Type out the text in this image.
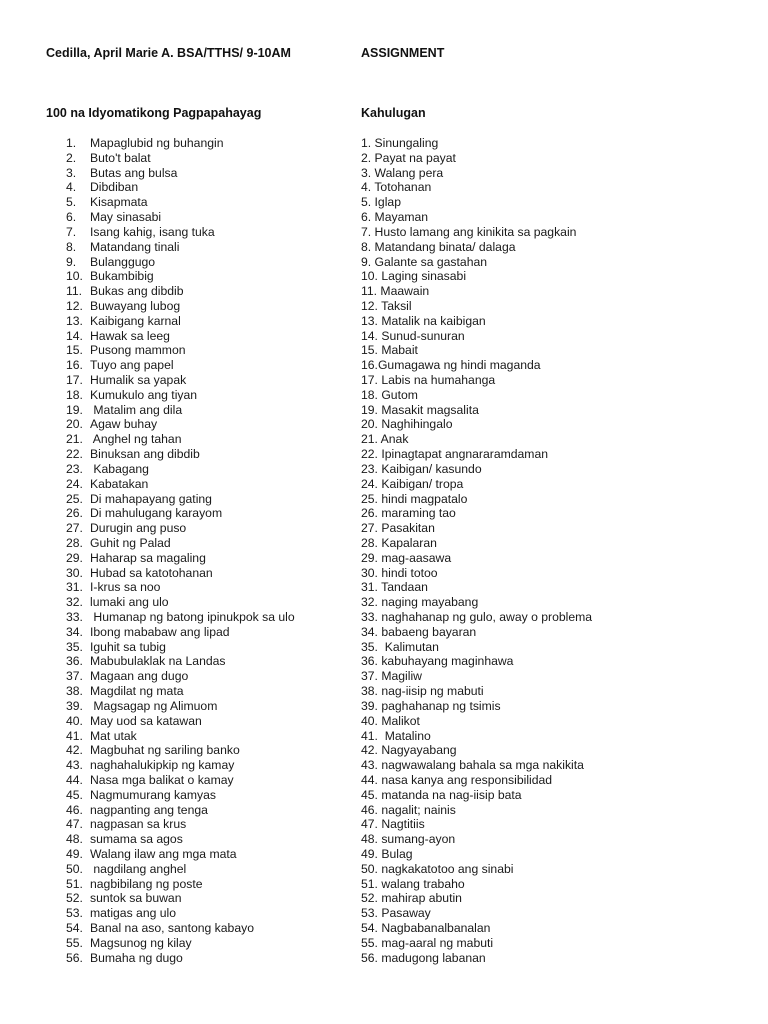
Cedilla, April Marie A. BSA/TTHS/ 9-10AM	ASSIGNMENT
100 na Idyomatikong Pagpapahayag	Kahulugan
1. Mapaglubid ng buhangin
2. Buto't balat
3. Butas ang bulsa
4. Dibdiban
5. Kisapmata
6. May sinasabi
7. Isang kahig, isang tuka
8. Matandang tinali
9. Bulanggugo
10. Bukambibig
11. Bukas ang dibdib
12. Buwayang lubog
13. Kaibigang karnal
14. Hawak sa leeg
15. Pusong mammon
16. Tuyo ang papel
17. Humalik sa yapak
18. Kumukulo ang tiyan
19. Matalim ang dila
20. Agaw buhay
21. Anghel ng tahan
22. Binuksan ang dibdib
23. Kabagang
24. Kabatakan
25. Di mahapayang gating
26. Di mahulugang karayom
27. Durugin ang puso
28. Guhit ng Palad
29. Haharap sa magaling
30. Hubad sa katotohanan
31. I-krus sa noo
32. lumaki ang ulo
33. Humanap ng batong ipinukpok sa ulo
34. Ibong mababaw ang lipad
35. Iguhit sa tubig
36. Mabubulaklak na Landas
37. Magaan ang dugo
38. Magdilat ng mata
39. Magsagap ng Alimuom
40. May uod sa katawan
41. Mat utak
42. Magbuhat ng sariling banko
43. naghahalukipkip ng kamay
44. Nasa mga balikat o kamay
45. Nagmumurang kamyas
46. nagpanting ang tenga
47. nagpasan sa krus
48. sumama sa agos
49. Walang ilaw ang mga mata
50. nagdilang anghel
51. nagbibilang ng poste
52. suntok sa buwan
53. matigas ang ulo
54. Banal na aso, santong kabayo
55. Magsunog ng kilay
56. Bumaha ng dugo
1. Sinungaling
2. Payat na payat
3. Walang pera
4. Totohanan
5. Iglap
6. Mayaman
7. Husto lamang ang kinikita sa pagkain
8. Matandang binata/ dalaga
9. Galante sa gastahan
10. Laging sinasabi
11. Maawain
12. Taksil
13. Matalik na kaibigan
14. Sunud-sunuran
15. Mabait
16.Gumagawa ng hindi maganda
17. Labis na humahanga
18. Gutom
19. Masakit magsalita
20. Naghihingalo
21. Anak
22. Ipinagtapat angnararamdaman
23. Kaibigan/ kasundo
24. Kaibigan/ tropa
25. hindi magpatalo
26. maraming tao
27. Pasakitan
28. Kapalaran
29. mag-aasawa
30. hindi totoo
31. Tandaan
32. naging mayabang
33. naghahanap ng gulo, away o problema
34. babaeng bayaran
35.  Kalimutan
36. kabuhayang maginhawa
37. Magiliw
38. nag-iisip ng mabuti
39. paghahanap ng tsimis
40. Malikot
41.  Matalino
42. Nagyayabang
43. nagwawalang bahala sa mga nakikita
44. nasa kanya ang responsibilidad
45. matanda na nag-iisip bata
46. nagalit; nainis
47. Nagtitiis
48. sumang-ayon
49. Bulag
50. nagkakatotoo ang sinabi
51. walang trabaho
52. mahirap abutin
53. Pasaway
54. Nagbabanalbanalan
55. mag-aaral ng mabuti
56. madugong labanan
